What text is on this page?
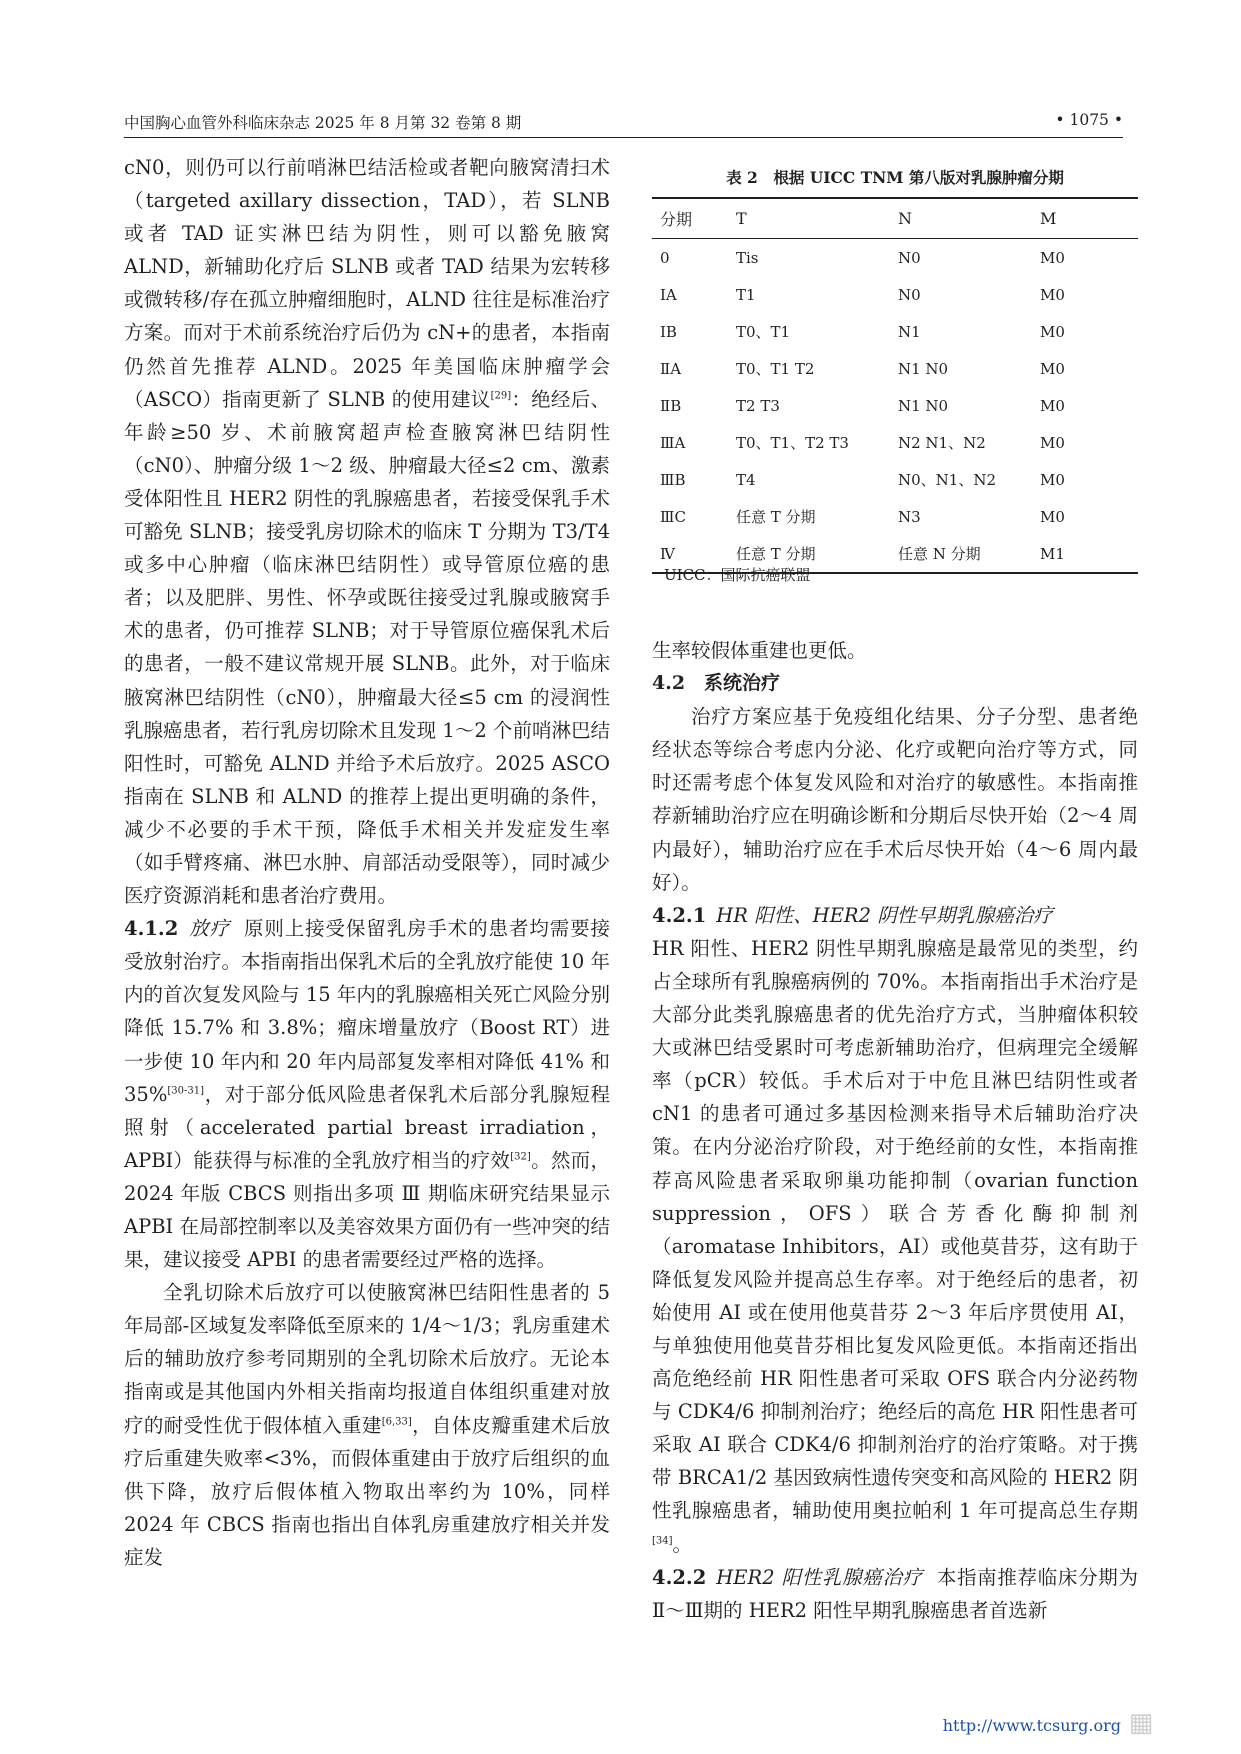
中国胸心血管外科临床杂志 2025 年 8 月第 32 卷第 8 期	• 1075 •

cN0，则仍可以行前哨淋巴结活检或者靶向腋窝清扫术（targeted axillary dissection，TAD），若 SLNB 或者 TAD 证实淋巴结为阴性，则可以豁免腋窝 ALND，新辅助化疗后 SLNB 或者 TAD 结果为宏转移或微转移/存在孤立肿瘤细胞时，ALND 往往是标准治疗方案。而对于术前系统治疗后仍为 cN+的患者，本指南仍然首先推荐 ALND。2025 年美国临床肿瘤学会（ASCO）指南更新了 SLNB 的使用建议[29]：绝经后、年龄≥50 岁、术前腋窝超声检查腋窝淋巴结阴性（cN0）、肿瘤分级 1～2 级、肿瘤最大径≤2 cm、激素受体阳性且 HER2 阴性的乳腺癌患者，若接受保乳手术可豁免 SLNB；接受乳房切除术的临床 T 分期为 T3/T4 或多中心肿瘤（临床淋巴结阴性）或导管原位癌的患者；以及肥胖、男性、怀孕或既往接受过乳腺或腋窝手术的患者，仍可推荐 SLNB；对于导管原位癌保乳术后的患者，一般不建议常规开展 SLNB。此外，对于临床腋窝淋巴结阴性（cN0），肿瘤最大径≤5 cm 的浸润性乳腺癌患者，若行乳房切除术且发现 1～2 个前哨淋巴结阳性时，可豁免 ALND 并给予术后放疗。2025 ASCO 指南在 SLNB 和 ALND 的推荐上提出更明确的条件，减少不必要的手术干预，降低手术相关并发症发生率（如手臂疼痛、淋巴水肿、肩部活动受限等），同时减少医疗资源消耗和患者治疗费用。

4.1.2 放疗 原则上接受保留乳房手术的患者均需要接受放射治疗。本指南指出保乳术后的全乳放疗能使 10 年内的首次复发风险与 15 年内的乳腺癌相关死亡风险分别降低 15.7% 和 3.8%；瘤床增量放疗（Boost RT）进一步使 10 年内和 20 年内局部复发率相对降低 41% 和 35%[30-31]，对于部分低风险患者保乳术后部分乳腺短程照射（accelerated partial breast irradiation，APBI）能获得与标准的全乳放疗相当的疗效[32]。然而，2024 年版 CBCS 则指出多项 Ⅲ 期临床研究结果显示 APBI 在局部控制率以及美容效果方面仍有一些冲突的结果，建议接受 APBI 的患者需要经过严格的选择。

全乳切除术后放疗可以使腋窝淋巴结阳性患者的 5 年局部-区域复发率降低至原来的 1/4～1/3；乳房重建术后的辅助放疗参考同期别的全乳切除术后放疗。无论本指南或是其他国内外相关指南均报道自体组织重建对放疗的耐受性优于假体植入重建[6,33]，自体皮瓣重建术后放疗后重建失败率<3%，而假体重建由于放疗后组织的血供下降，放疗后假体植入物取出率约为 10%，同样 2024 年 CBCS 指南也指出自体乳房重建放疗相关并发症发

表 2　根据 UICC TNM 第八版对乳腺肿瘤分期
分期	T	N	M
0	Tis	N0	M0
ⅠA	T1	N0	M0
ⅠB	T0、T1	N1	M0
ⅡA	T0、T1 T2	N1 N0	M0
ⅡB	T2 T3	N1 N0	M0
ⅢA	T0、T1、T2 T3	N2 N1、N2	M0
ⅢB	T4	N0、N1、N2	M0
ⅢC	任意 T 分期	N3	M0
Ⅳ	任意 T 分期	任意 N 分期	M1
UICC：国际抗癌联盟

生率较假体重建也更低。

4.2　系统治疗

治疗方案应基于免疫组化结果、分子分型、患者绝经状态等综合考虑内分泌、化疗或靶向治疗等方式，同时还需考虑个体复发风险和对治疗的敏感性。本指南推荐新辅助治疗应在明确诊断和分期后尽快开始（2～4 周内最好），辅助治疗应在手术后尽快开始（4～6 周内最好）。

4.2.1 HR 阳性、HER2 阴性早期乳腺癌治疗

HR 阳性、HER2 阴性早期乳腺癌是最常见的类型，约占全球所有乳腺癌病例的 70%。本指南指出手术治疗是大部分此类乳腺癌患者的优先治疗方式，当肿瘤体积较大或淋巴结受累时可考虑新辅助治疗，但病理完全缓解率（pCR）较低。手术后对于中危且淋巴结阴性或者 cN1 的患者可通过多基因检测来指导术后辅助治疗决策。在内分泌治疗阶段，对于绝经前的女性，本指南推荐高风险患者采取卵巢功能抑制（ovarian function suppression，OFS）联合芳香化酶抑制剂（aromatase Inhibitors，AI）或他莫昔芬，这有助于降低复发风险并提高总生存率。对于绝经后的患者，初始使用 AI 或在使用他莫昔芬 2～3 年后序贯使用 AI，与单独使用他莫昔芬相比复发风险更低。本指南还指出高危绝经前 HR 阳性患者可采取 OFS 联合内分泌药物与 CDK4/6 抑制剂治疗；绝经后的高危 HR 阳性患者可采取 AI 联合 CDK4/6 抑制剂治疗的治疗策略。对于携带 BRCA1/2 基因致病性遗传突变和高风险的 HER2 阴性乳腺癌患者，辅助使用奥拉帕利 1 年可提高总生存期[34]。

4.2.2 HER2 阳性乳腺癌治疗 本指南推荐临床分期为Ⅱ～Ⅲ期的 HER2 阳性早期乳腺癌患者首选新

http://www.tcsurg.org ▦
